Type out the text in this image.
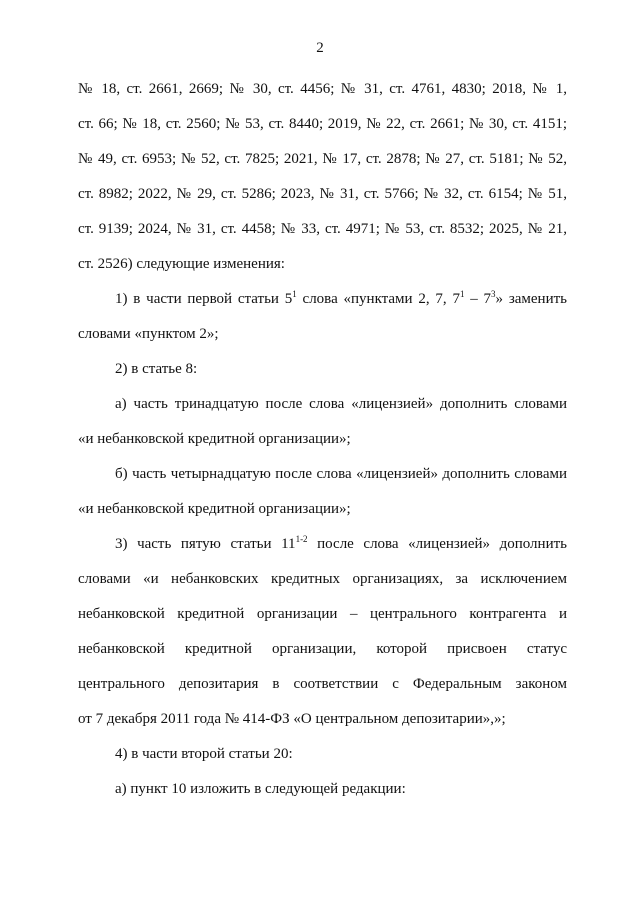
2
№ 18, ст. 2661, 2669; № 30, ст. 4456; № 31, ст. 4761, 4830; 2018, № 1,
ст. 66; № 18, ст. 2560; № 53, ст. 8440; 2019, № 22, ст. 2661; № 30, ст. 4151;
№ 49, ст. 6953; № 52, ст. 7825; 2021, № 17, ст. 2878; № 27, ст. 5181; № 52,
ст. 8982; 2022, № 29, ст. 5286; 2023, № 31, ст. 5766; № 32, ст. 6154; № 51,
ст. 9139; 2024, № 31, ст. 4458; № 33, ст. 4971; № 53, ст. 8532; 2025, № 21,
ст. 2526) следующие изменения:
1) в части первой статьи $5^1$ слова «пунктами 2, 7, $7^1 - 7^3$» заменить
словами «пунктом 2»;
2) в статье 8:
а) часть тринадцатую после слова «лицензией» дополнить словами
«и небанковской кредитной организации»;
б) часть четырнадцатую после слова «лицензией» дополнить словами
«и небанковской кредитной организации»;
3) часть пятую статьи 11$^{1-2}$ после слова «лицензией» дополнить
словами «и небанковских кредитных организациях, за исключением
небанковской кредитной организации – центрального контрагента и
небанковской кредитной организации, которой присвоен статус
центрального депозитария в соответствии с Федеральным законом
от 7 декабря 2011 года № 414-ФЗ «О центральном депозитарии»,»;
4) в части второй статьи 20:
а) пункт 10 изложить в следующей редакции:
